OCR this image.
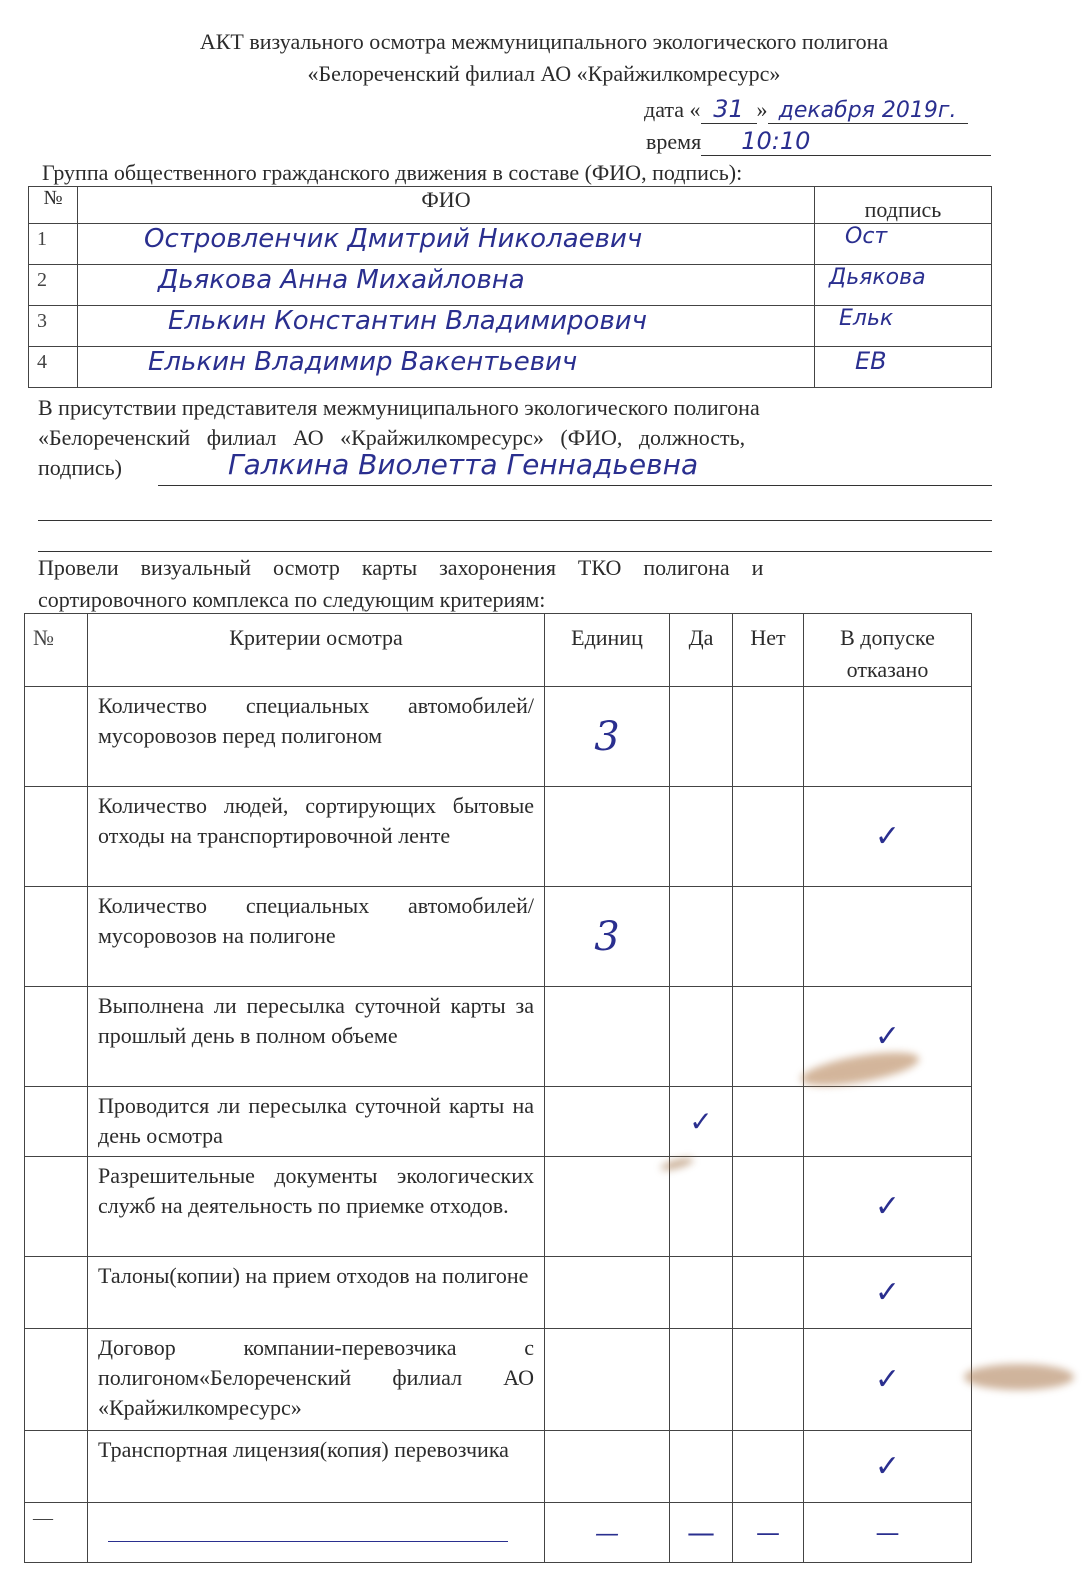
АКТ визуального осмотра межмуниципального экологического полигона
«Белореченский филиал АО «Крайжилкомресурс»
дата « 31 » декабря 2019г.
время 10:10
Группа общественного гражданского движения в составе (ФИО, подпись):
№	ФИО	подпись
1	Островленчик Дмитрий Николаевич	Ост
2	Дьякова Анна Михайловна	Дьякова
3	Елькин Константин Владимирович	Ельк
4	Елькин Владимир Вакентьевич	ЕВ
В присутствии представителя межмуниципального экологического полигона
«Белореченский   филиал   АО   «Крайжилкомресурс»   (ФИО,   должность,
подпись)	Галкина Виолетта Геннадьевна
Провели    визуальный    осмотр    карты    захоронения    ТКО    полигона    и
сортировочного комплекса по следующим критериям:
№	Критерии осмотра	Единиц	Да	Нет	В допуске отказано
	Количество специальных автомобилей/мусоровозов перед полигоном	3			
	Количество людей, сортирующих бытовые отходы на транспортировочной ленте				✓
	Количество специальных автомобилей/мусоровозов на полигоне	3			
	Выполнена ли пересылка суточной карты за прошлый день в полном объеме				✓
	Проводится ли пересылка суточной карты на день осмотра		✓		
	Разрешительные документы экологических служб на деятельность по приемке отходов.				✓
	Талоны(копии) на прием отходов на полигоне				✓
	Договор компании-перевозчика с полигоном«Белореченский филиал АО «Крайжилкомресурс»				✓
	Транспортная лицензия(копия) перевозчика				✓
—		—	—	—	—
